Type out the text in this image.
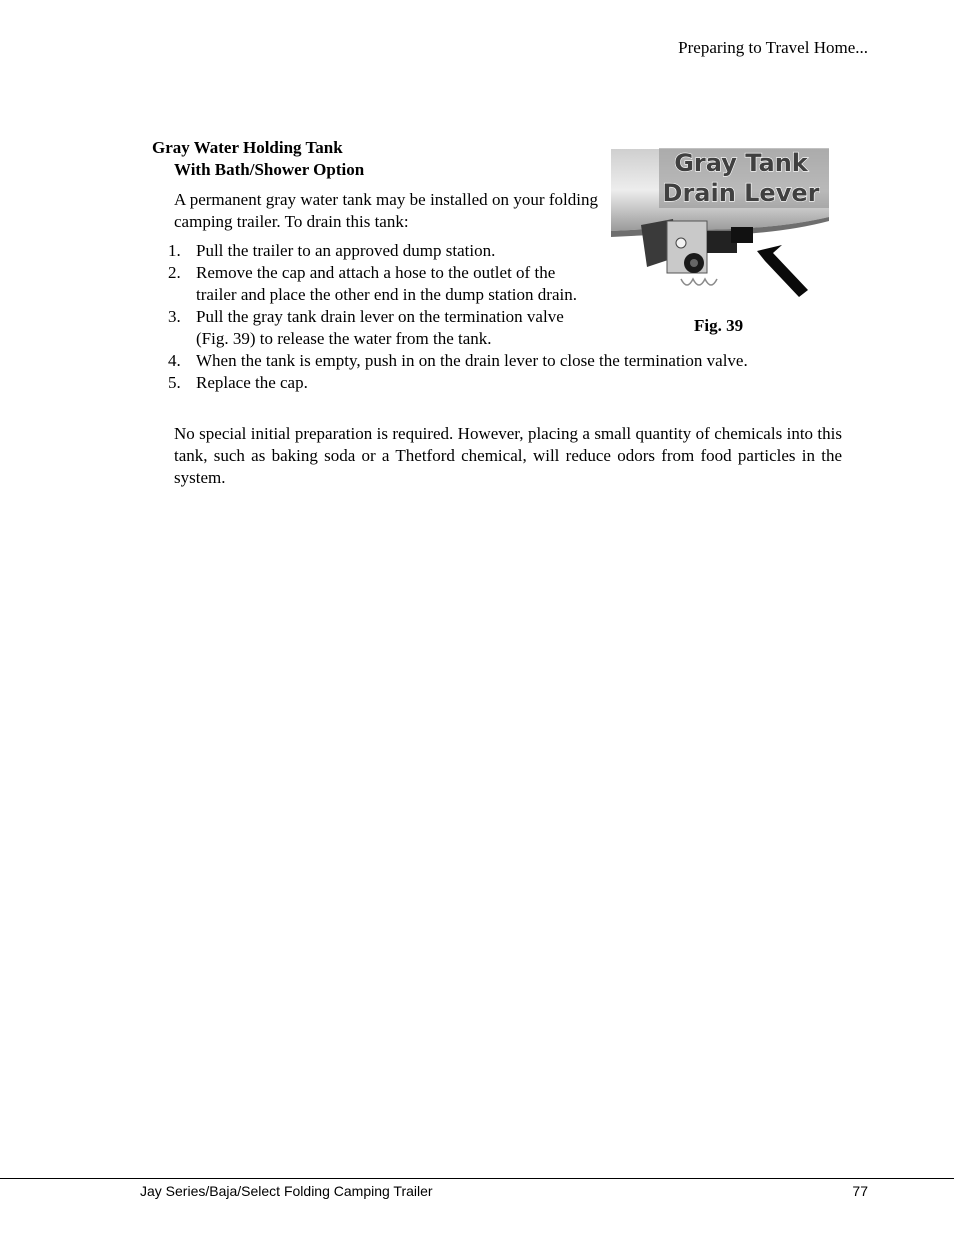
Preparing to Travel Home...
Gray Water Holding Tank
With Bath/Shower Option
A permanent gray water tank may be installed on your folding camping trailer. To drain this tank:
1. Pull the trailer to an approved dump station.
2. Remove the cap and attach a hose to the outlet of the trailer and place the other end in the dump station drain.
3. Pull the gray tank drain lever on the termination valve (Fig. 39) to release the water from the tank.
4. When the tank is empty, push in on the drain lever to close the termination valve.
5. Replace the cap.
No special initial preparation is required. However, placing a small quantity of chemicals into this tank, such as baking soda or a Thetford chemical, will reduce odors from food particles in the system.
Gray Tank
Drain Lever
Fig. 39
Jay Series/Baja/Select Folding Camping Trailer	77
